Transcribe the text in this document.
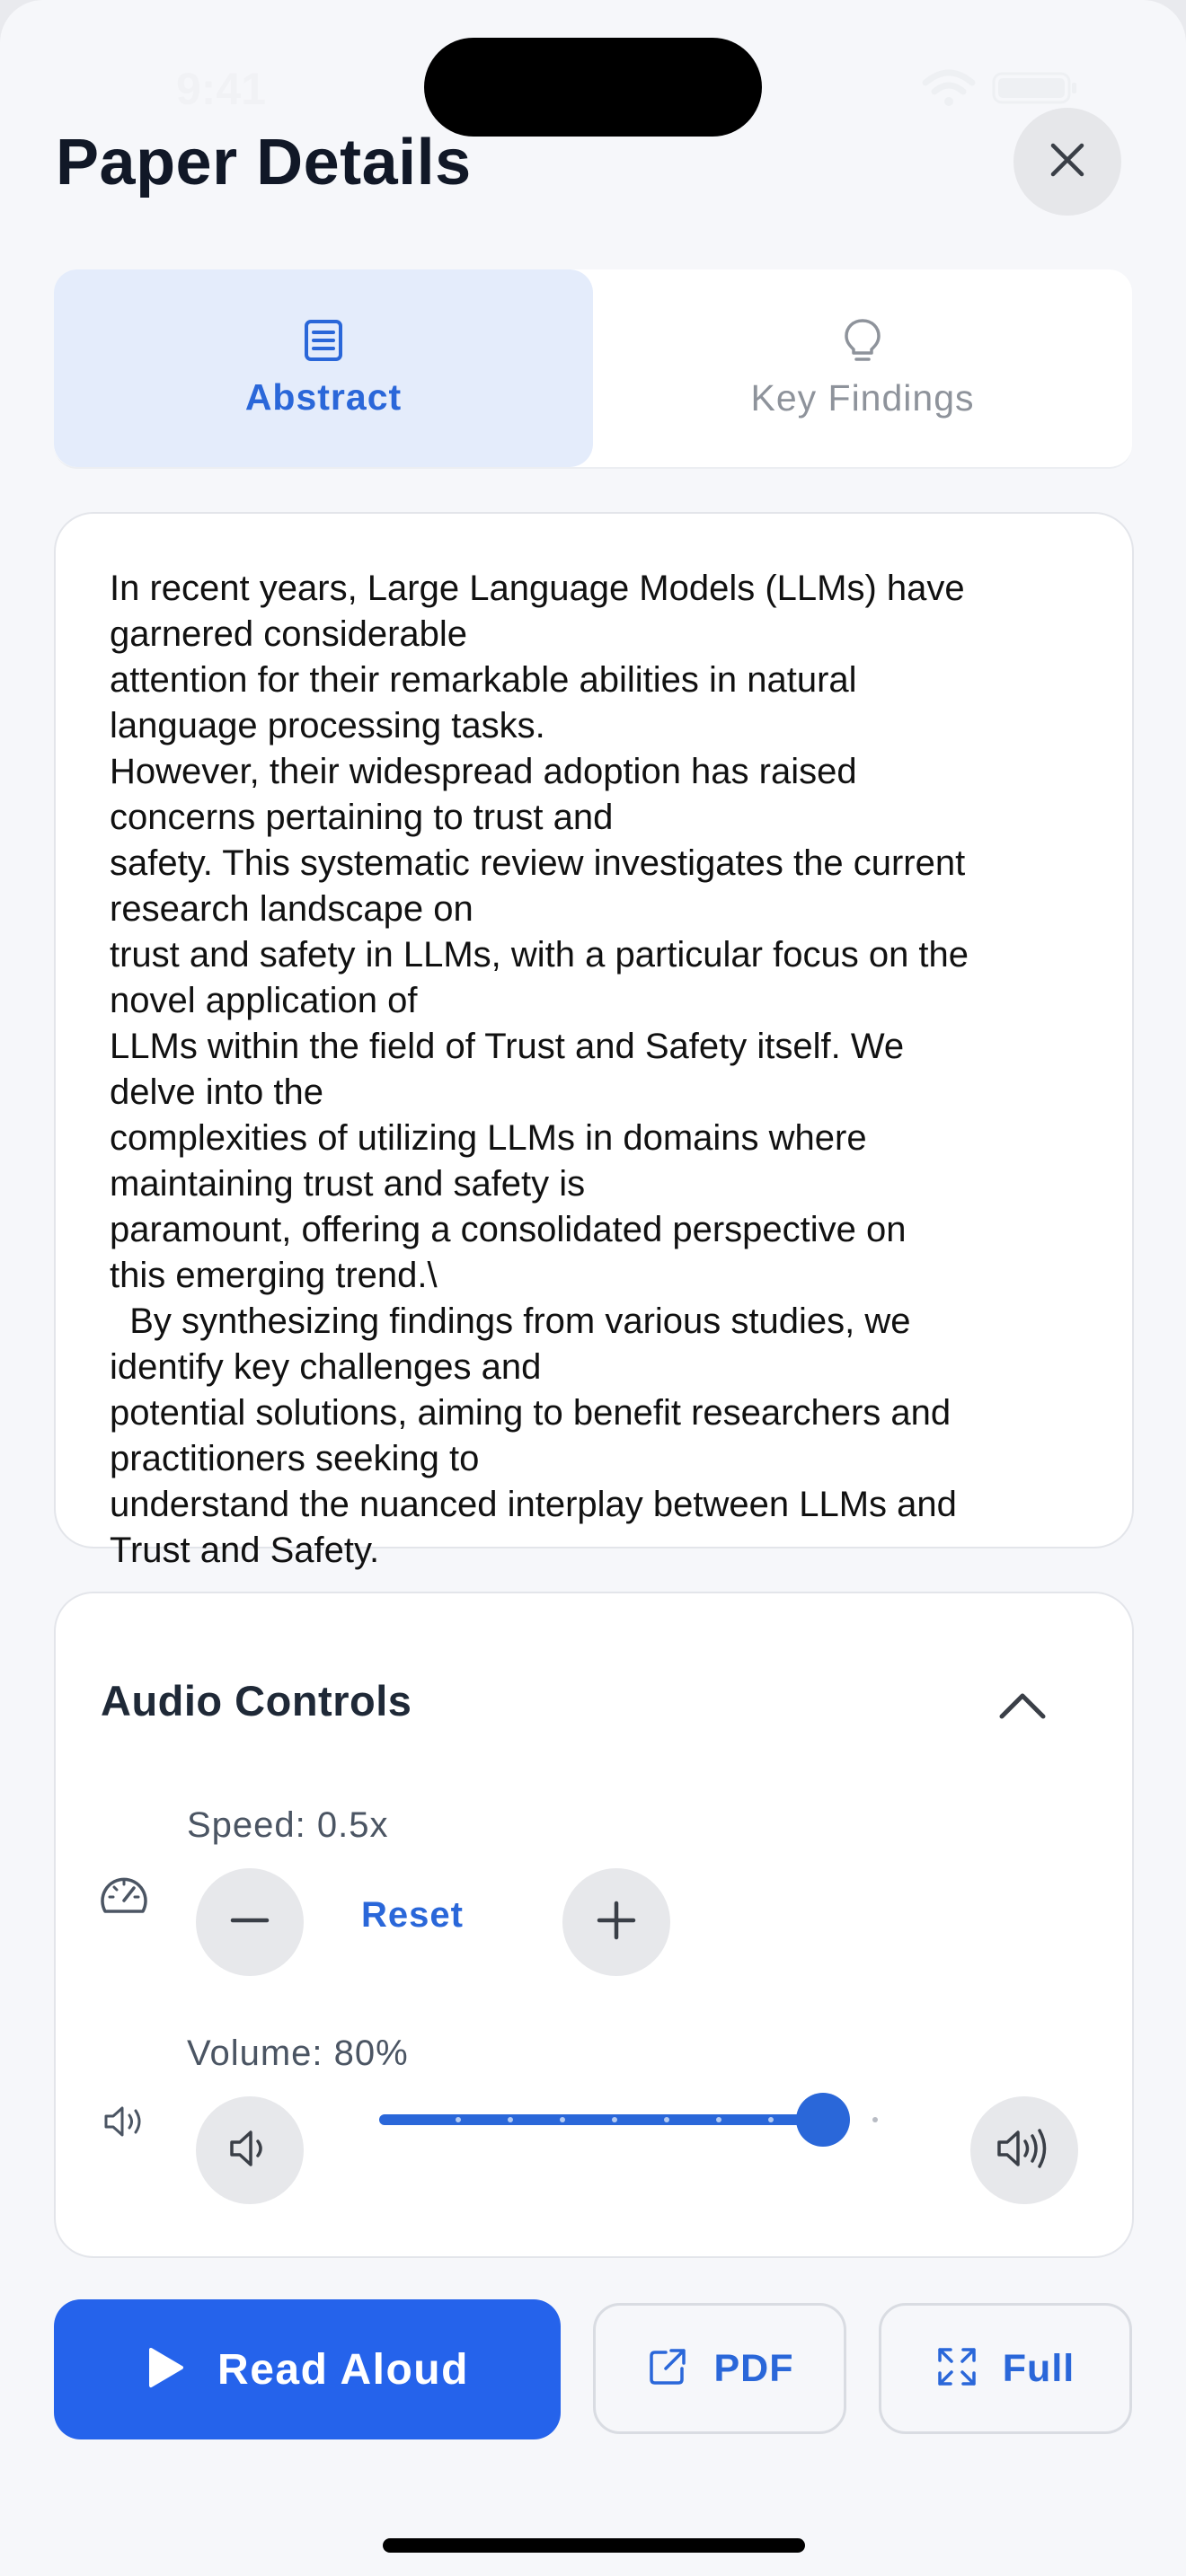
9:41
Paper Details
Abstract	Key Findings
In recent years, Large Language Models (LLMs) have
garnered considerable
attention for their remarkable abilities in natural
language processing tasks.
However, their widespread adoption has raised
concerns pertaining to trust and
safety. This systematic review investigates the current
research landscape on
trust and safety in LLMs, with a particular focus on the
novel application of
LLMs within the field of Trust and Safety itself. We
delve into the
complexities of utilizing LLMs in domains where
maintaining trust and safety is
paramount, offering a consolidated perspective on
this emerging trend.\
By synthesizing findings from various studies, we
identify key challenges and
potential solutions, aiming to benefit researchers and
practitioners seeking to
understand the nuanced interplay between LLMs and
Trust and Safety.
Audio Controls
Speed: 0.5x
Reset
Volume: 80%
Read Aloud	PDF	Full
